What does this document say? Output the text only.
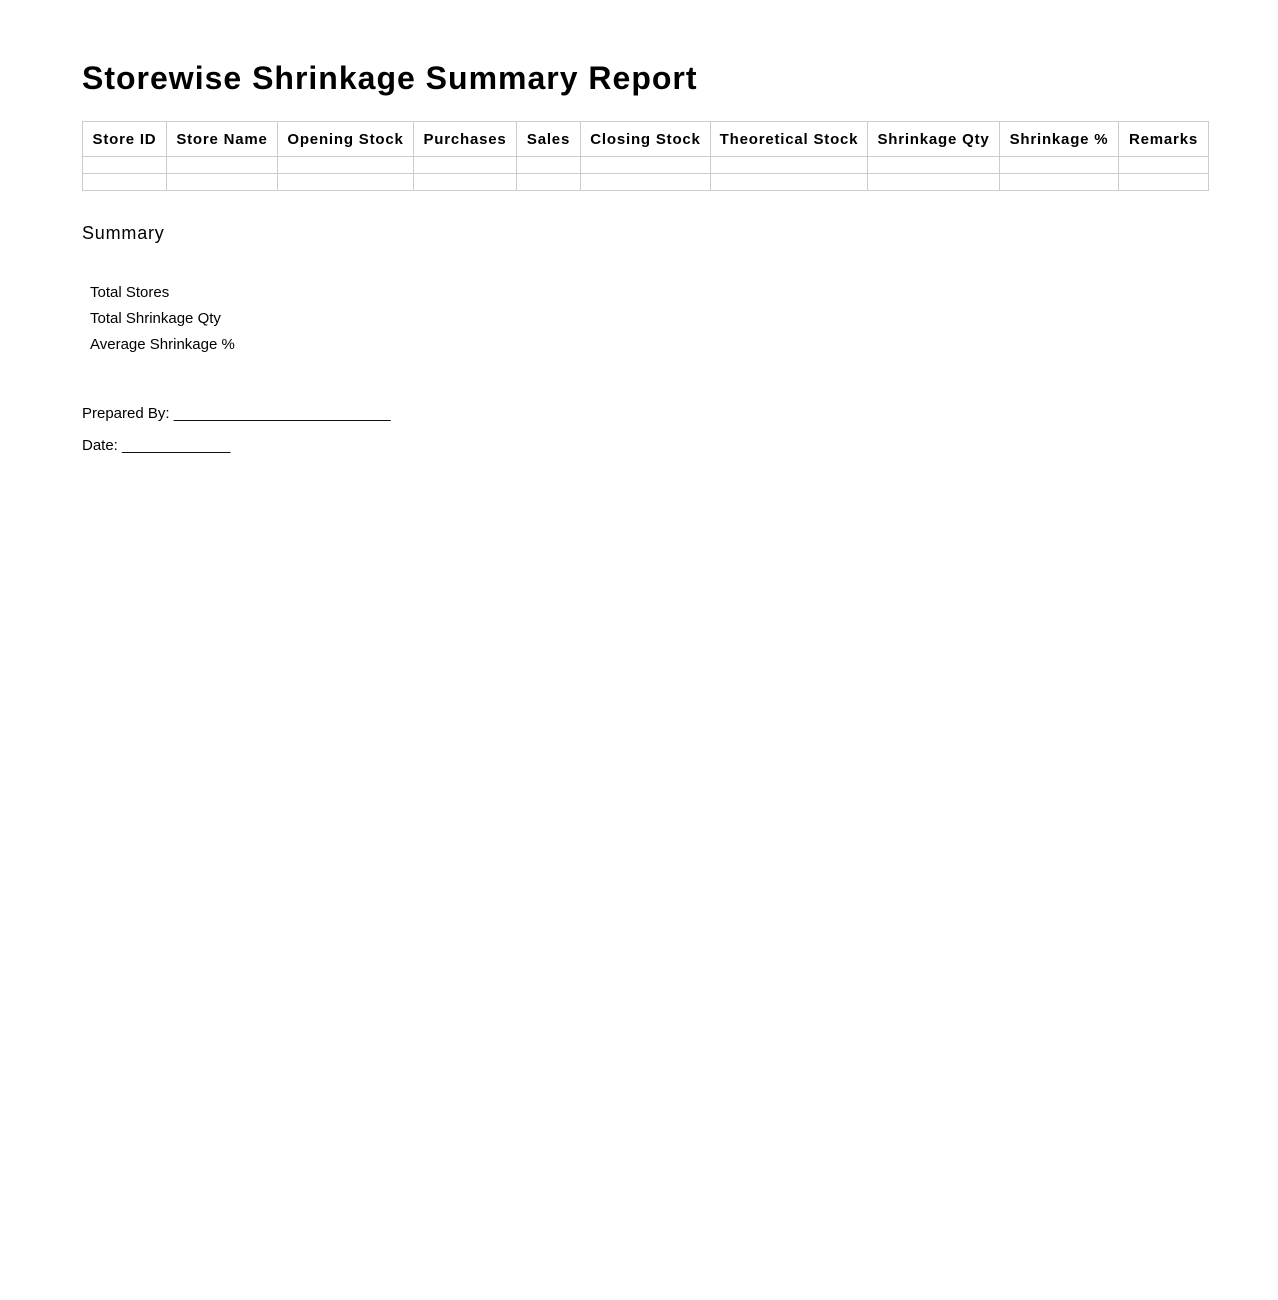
Storewise Shrinkage Summary Report
Store ID	Store Name	Opening Stock	Purchases	Sales	Closing Stock	Theoretical Stock	Shrinkage Qty	Shrinkage %	Remarks

Summary
Total Stores
Total Shrinkage Qty
Average Shrinkage %
Prepared By: __________________________
Date: _____________
